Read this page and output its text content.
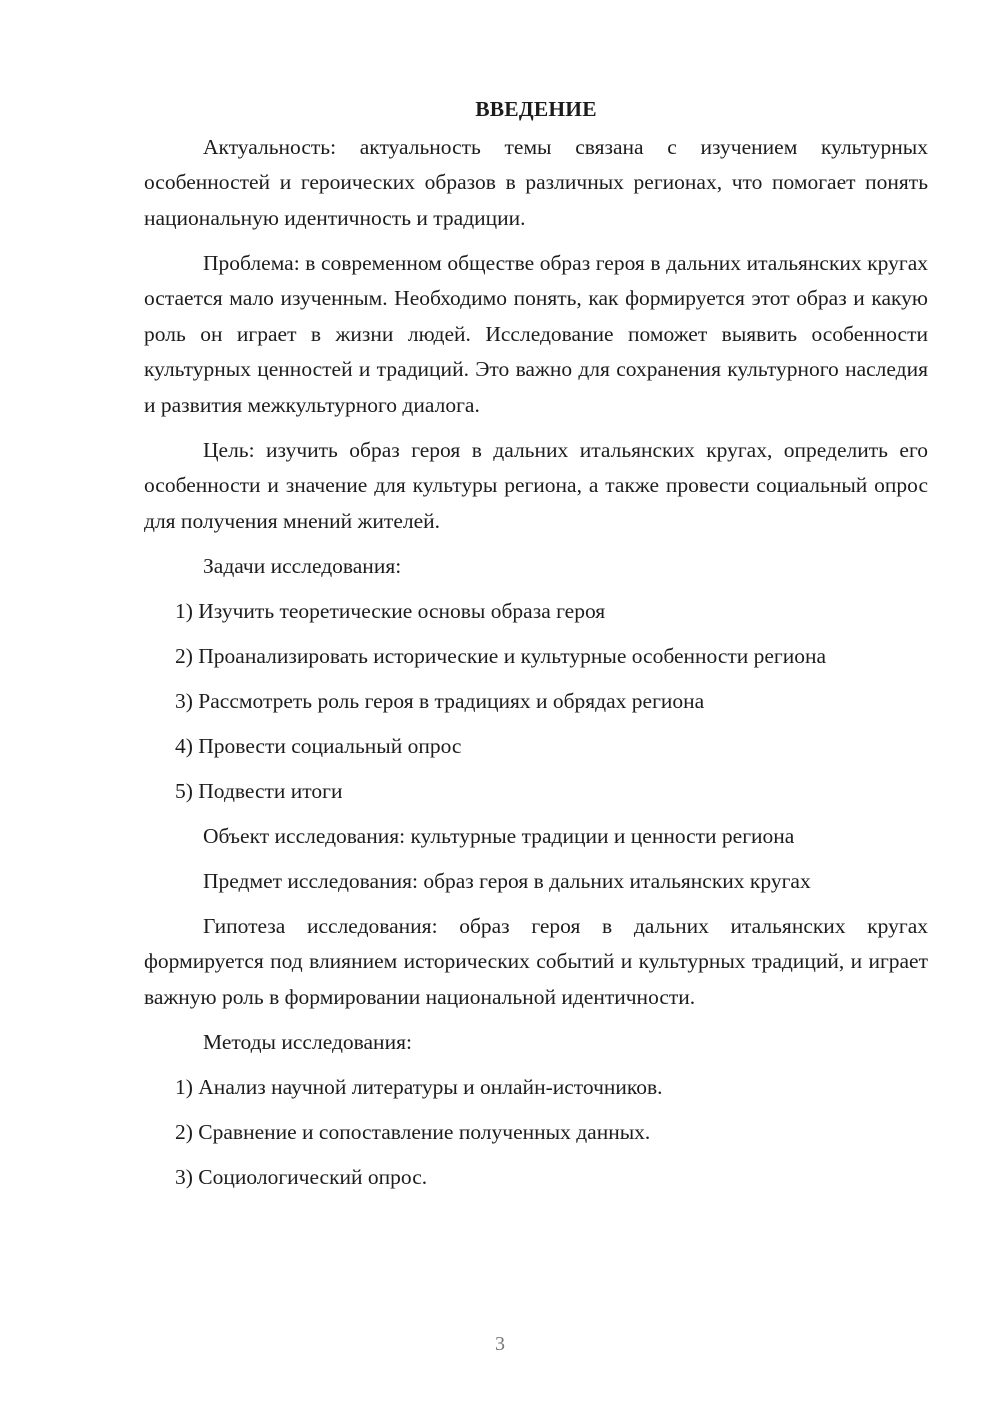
ВВЕДЕНИЕ

Актуальность: актуальность темы связана с изучением культурных особенностей и героических образов в различных регионах, что помогает понять национальную идентичность и традиции.

Проблема: в современном обществе образ героя в дальних итальянских кругах остается мало изученным. Необходимо понять, как формируется этот образ и какую роль он играет в жизни людей. Исследование поможет выявить особенности культурных ценностей и традиций. Это важно для сохранения культурного наследия и развития межкультурного диалога.

Цель: изучить образ героя в дальних итальянских кругах, определить его особенности и значение для культуры региона, а также провести социальный опрос для получения мнений жителей.

Задачи исследования:

1) Изучить теоретические основы образа героя

2) Проанализировать исторические и культурные особенности региона

3) Рассмотреть роль героя в традициях и обрядах региона

4) Провести социальный опрос

5) Подвести итоги

Объект исследования: культурные традиции и ценности региона

Предмет исследования: образ героя в дальних итальянских кругах

Гипотеза исследования: образ героя в дальних итальянских кругах формируется под влиянием исторических событий и культурных традиций, и играет важную роль в формировании национальной идентичности.

Методы исследования:

1) Анализ научной литературы и онлайн-источников.

2) Сравнение и сопоставление полученных данных.

3) Социологический опрос.

3
